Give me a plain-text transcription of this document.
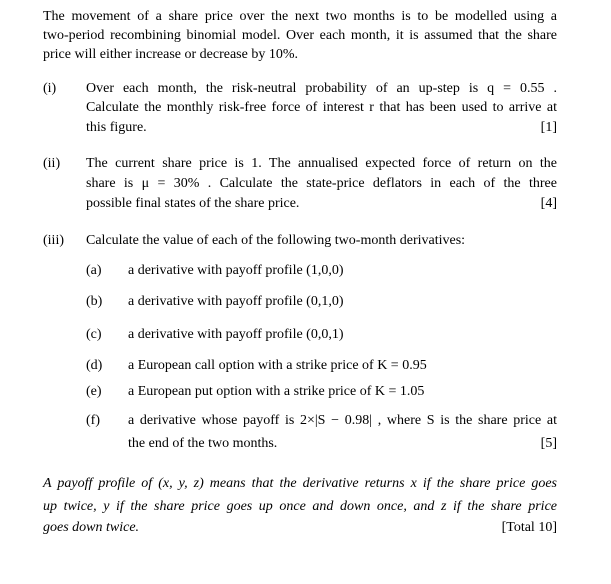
The movement of a share price over the next two months is to be modelled using a
two-period recombining binomial model. Over each month, it is assumed that the share
price will either increase or decrease by 10%.
(i) Over each month, the risk-neutral probability of an up-step is q = 0.55 .
Calculate the monthly risk-free force of interest r that has been used to arrive at
this figure.	[1]
(ii) The current share price is 1. The annualised expected force of return on the
share is μ = 30% . Calculate the state-price deflators in each of the three
possible final states of the share price.	[4]
(iii) Calculate the value of each of the following two-month derivatives:
(a) a derivative with payoff profile (1,0,0)
(b) a derivative with payoff profile (0,1,0)
(c) a derivative with payoff profile (0,0,1)
(d) a European call option with a strike price of K = 0.95
(e) a European put option with a strike price of K = 1.05
(f) a derivative whose payoff is 2×|S − 0.98| , where S is the share price at
the end of the two months.	[5]
A payoff profile of (x, y, z) means that the derivative returns x if the share price goes
up twice, y if the share price goes up once and down once, and z if the share price
goes down twice.	[Total 10]
